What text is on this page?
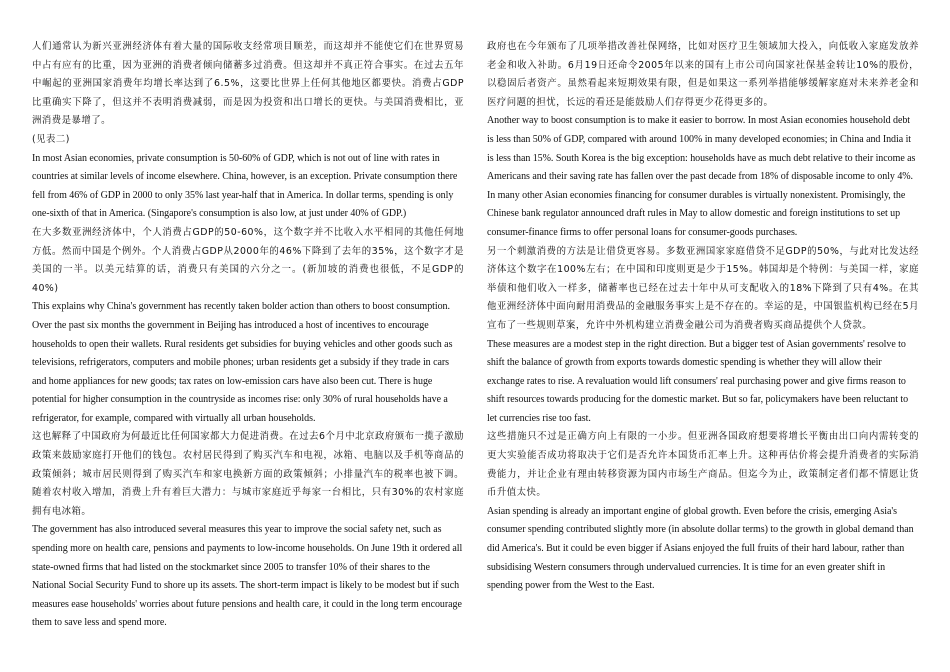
人们通常认为新兴亚洲经济体有着大量的国际收支经常项目顺差，而这却并不能使它们在世界贸易中占有应有的比重，因为亚洲的消费者倾向储蓄多过消费。但这却并不真正符合事实。在过去五年中崛起的亚洲国家消费年均增长率达到了6.5%，这要比世界上任何其他地区都要快。消费占GDP比重确实下降了，但这并不表明消费减弱，而是因为投资和出口增长的更快。与美国消费相比，亚洲消费是暴增了。

(见表二)

In most Asian economies, private consumption is 50-60% of GDP, which is not out of line with rates in countries at similar levels of income elsewhere. China, however, is an exception. Private consumption there fell from 46% of GDP in 2000 to only 35% last year-half that in America. In dollar terms, spending is only one-sixth of that in America. (Singapore's consumption is also low, at just under 40% of GDP.)

在大多数亚洲经济体中，个人消费占GDP的50-60%，这个数字并不比收入水平相同的其他任何地方低。然而中国是个例外。个人消费占GDP从2000年的46%下降到了去年的35%，这个数字才是美国的一半。以美元结算的话，消费只有美国的六分之一。(新加坡的消费也很低，不足GDP的40%)

This explains why China's government has recently taken bolder action than others to boost consumption. Over the past six months the government in Beijing has introduced a host of incentives to encourage households to open their wallets. Rural residents get subsidies for buying vehicles and other goods such as televisions, refrigerators, computers and mobile phones; urban residents get a subsidy if they trade in cars and home appliances for new goods; tax rates on low-emission cars have also been cut. There is huge potential for higher consumption in the countryside as incomes rise: only 30% of rural households have a refrigerator, for example, compared with virtually all urban households.

这也解释了中国政府为何最近比任何国家都大力促进消费。在过去6个月中北京政府颁布一揽子激励政策来鼓励家庭打开他们的钱包。农村居民得到了购买汽车和电视，冰箱、电脑以及手机等商品的政策倾斜；城市居民则得到了购买汽车和家电换新方面的政策倾斜；小排量汽车的税率也被下调。随着农村收入增加，消费上升有着巨大潜力：与城市家庭近乎每家一台相比，只有30%的农村家庭拥有电冰箱。

The government has also introduced several measures this year to improve the social safety net, such as spending more on health care, pensions and payments to low-income households. On June 19th it ordered all state-owned firms that had listed on the stockmarket since 2005 to transfer 10% of their shares to the National Social Security Fund to shore up its assets. The short-term impact is likely to be modest but if such measures ease households' worries about future pensions and health care, it could in the long term encourage them to save less and spend more.

政府也在今年颁布了几项举措改善社保网络，比如对医疗卫生领域加大投入，向低收入家庭发放养老金和收入补助。6月19日还命令2005年以来的国有上市公司向国家社保基金转让10%的股份，以稳固后者资产。虽然看起来短期效果有限，但是如果这一系列举措能够缓解家庭对未来养老金和医疗问题的担忧，长远的看还是能鼓励人们存得更少花得更多的。

Another way to boost consumption is to make it easier to borrow. In most Asian economies household debt is less than 50% of GDP, compared with around 100% in many developed economies; in China and India it is less than 15%. South Korea is the big exception: households have as much debt relative to their income as Americans and their saving rate has fallen over the past decade from 18% of disposable income to only 4%. In many other Asian economies financing for consumer durables is virtually nonexistent. Promisingly, the Chinese bank regulator announced draft rules in May to allow domestic and foreign institutions to set up consumer-finance firms to offer personal loans for consumer-goods purchases.

另一个刺激消费的方法是让借贷更容易。多数亚洲国家家庭借贷不足GDP的50%，与此对比发达经济体这个数字在100%左右；在中国和印度则更是少于15%。韩国却是个特例：与美国一样，家庭举债和他们收入一样多，储蓄率也已经在过去十年中从可支配收入的18%下降到了只有4%。在其他亚洲经济体中面向耐用消费品的金融服务事实上是不存在的。幸运的是，中国银监机构已经在5月宣布了一些规则草案，允许中外机构建立消费金融公司为消费者购买商品提供个人贷款。

These measures are a modest step in the right direction. But a bigger test of Asian governments' resolve to shift the balance of growth from exports towards domestic spending is whether they will allow their exchange rates to rise. A revaluation would lift consumers' real purchasing power and give firms reason to shift resources towards producing for the domestic market. But so far, policymakers have been reluctant to let currencies rise too fast.

这些措施只不过是正确方向上有限的一小步。但亚洲各国政府想要将增长平衡由出口向内需转变的更大实验能否成功将取决于它们是否允许本国货币汇率上升。这种再估价将会提升消费者的实际消费能力，并让企业有理由转移资源为国内市场生产商品。但迄今为止，政策制定者们都不情愿让货币升值太快。

Asian spending is already an important engine of global growth. Even before the crisis, emerging Asia's consumer spending contributed slightly more (in absolute dollar terms) to the growth in global demand than did America's. But it could be even bigger if Asians enjoyed the full fruits of their hard labour, rather than subsidising Western consumers through undervalued currencies. It is time for an even greater shift in spending power from the West to the East.
